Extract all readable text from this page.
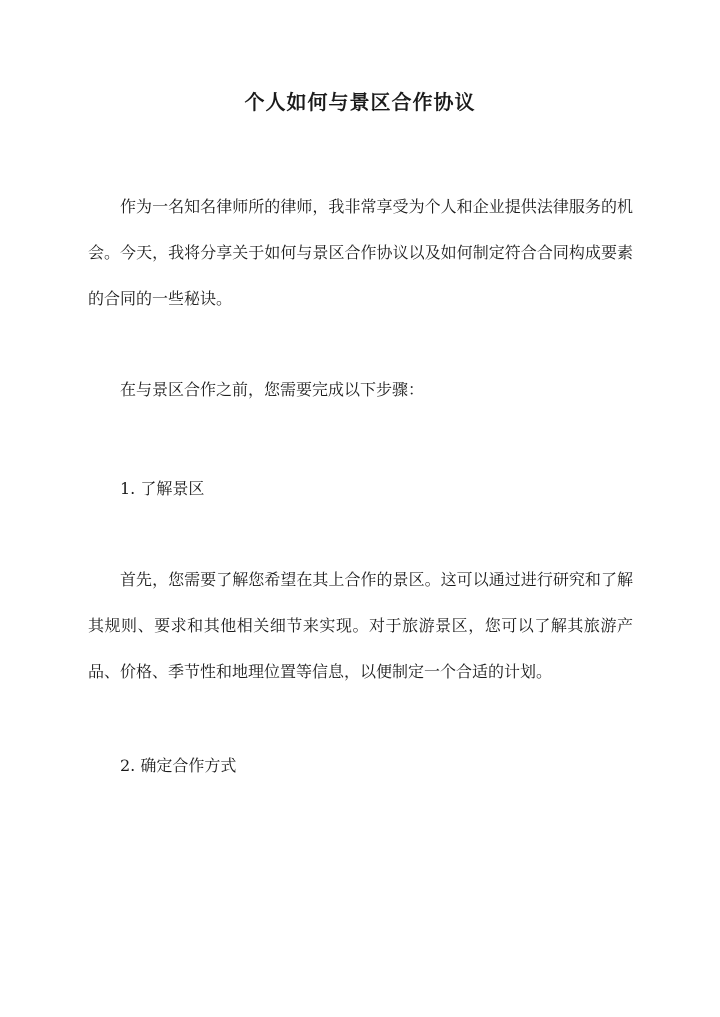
个人如何与景区合作协议

作为一名知名律师所的律师，我非常享受为个人和企业提供法律服务的机会。今天，我将分享关于如何与景区合作协议以及如何制定符合合同构成要素的合同的一些秘诀。

在与景区合作之前，您需要完成以下步骤：

1. 了解景区

首先，您需要了解您希望在其上合作的景区。这可以通过进行研究和了解其规则、要求和其他相关细节来实现。对于旅游景区，您可以了解其旅游产品、价格、季节性和地理位置等信息，以便制定一个合适的计划。

2. 确定合作方式
